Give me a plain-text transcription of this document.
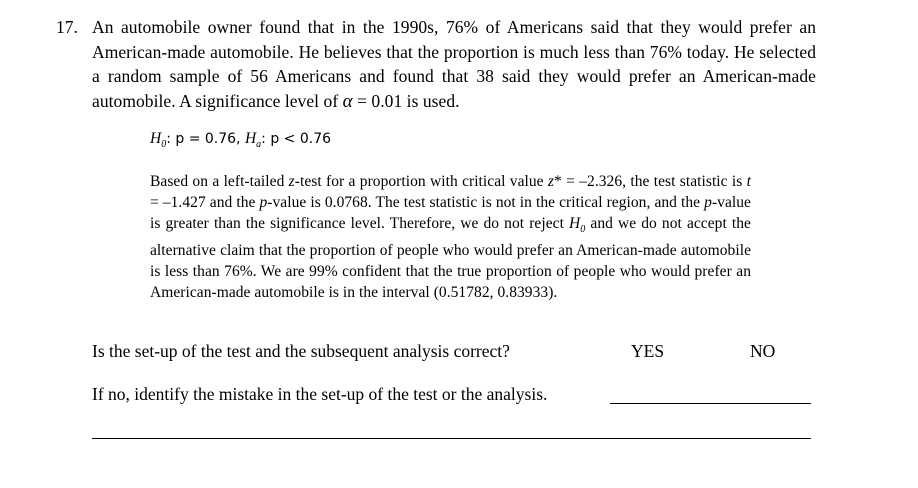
17. An automobile owner found that in the 1990s, 76% of Americans said that they would prefer an American-made automobile. He believes that the proportion is much less than 76% today. He selected a random sample of 56 Americans and found that 38 said they would prefer an American-made automobile. A significance level of α = 0.01 is used.
$H_0$: p = 0.76, $H_a$: p < 0.76
Based on a left-tailed z-test for a proportion with critical value z* = –2.326, the test statistic is t = –1.427 and the p-value is 0.0768. The test statistic is not in the critical region, and the p-value is greater than the significance level. Therefore, we do not reject $H_0$ and we do not accept the alternative claim that the proportion of people who would prefer an American-made automobile is less than 76%. We are 99% confident that the true proportion of people who would prefer an American-made automobile is in the interval (0.51782, 0.83933).
Is the set-up of the test and the subsequent analysis correct?	YES	NO
If no, identify the mistake in the set-up of the test or the analysis.
